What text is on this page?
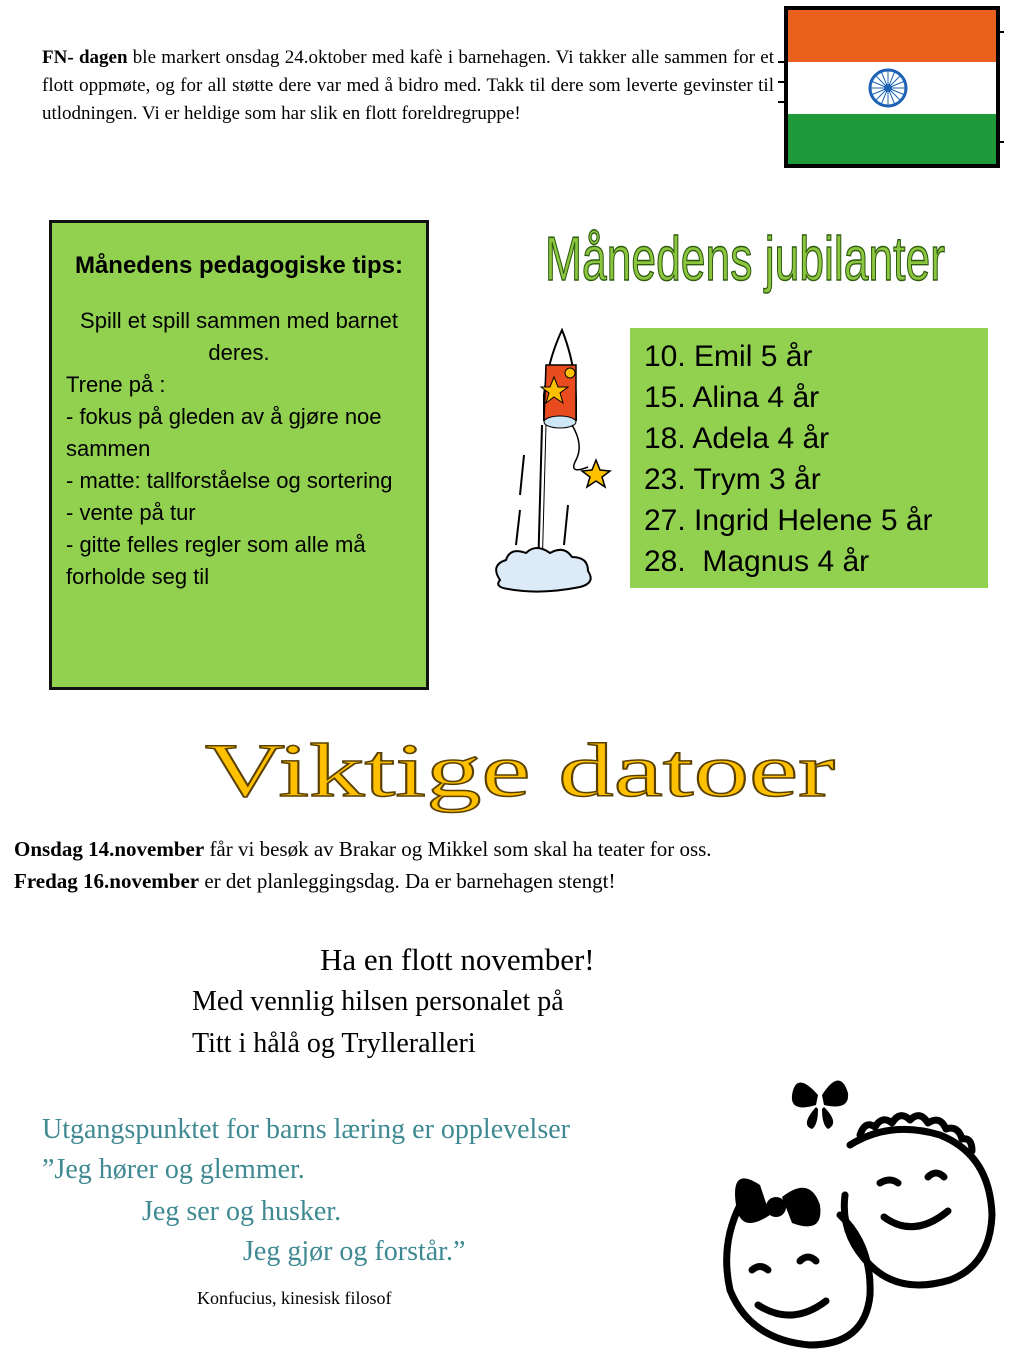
FN- dagen ble markert onsdag 24.oktober med kafè i barnehagen. Vi takker alle sammen for et flott oppmøte, og for all støtte dere var med å bidro med. Takk til dere som leverte gevinster til utlodningen. Vi er heldige som har slik en flott foreldregruppe!
Månedens pedagogiske tips:
Spill et spill sammen med barnet deres.
Trene på :
- fokus på gleden av å gjøre noe sammen
- matte: tallforståelse og sortering
- vente på tur
- gitte felles regler som alle må forholde seg til
Månedens jubilanter
10. Emil 5 år
15. Alina 4 år
18. Adela 4 år
23. Trym 3 år
27. Ingrid Helene 5 år
28.  Magnus 4 år
Viktige datoer
Onsdag 14.november får vi besøk av Brakar og Mikkel som skal ha teater for oss.
Fredag 16.november er det planleggingsdag. Da er barnehagen stengt!
Ha en flott november!
Med vennlig hilsen personalet på
Titt i hålå og Trylleralleri
Utgangspunktet for barns læring er opplevelser
”Jeg hører og glemmer.
Jeg ser og husker.
Jeg gjør og forstår.”
Konfucius, kinesisk filosof
